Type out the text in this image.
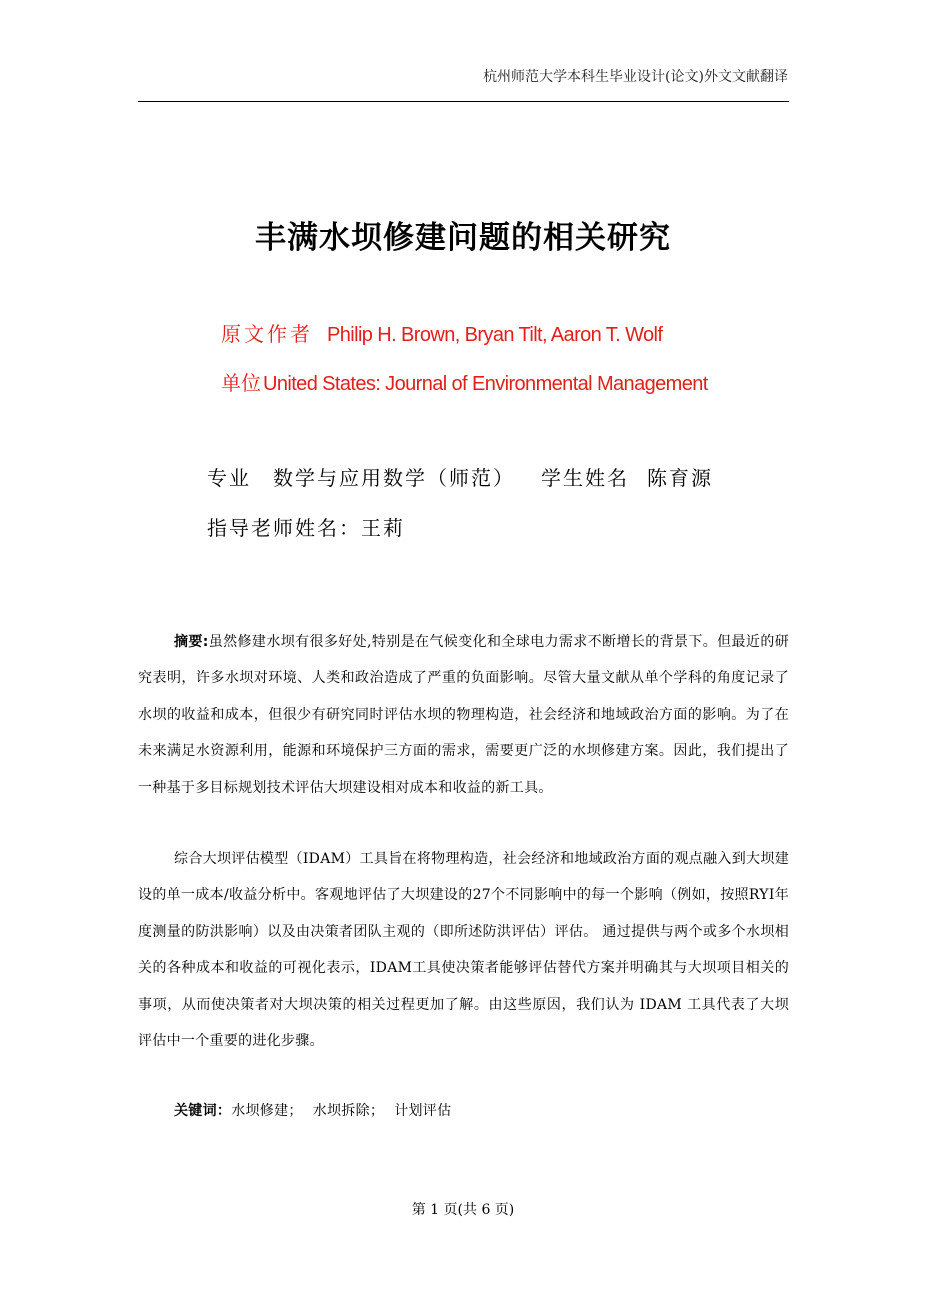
杭州师范大学本科生毕业设计(论文)外文文献翻译
丰满水坝修建问题的相关研究
原文作者 Philip H. Brown, Bryan Tilt, Aaron T. Wolf
单位 United States: Journal of Environmental Management
专业 数学与应用数学（师范） 学生姓名 陈育源
指导老师姓名：王莉
摘要:虽然修建水坝有很多好处,特别是在气候变化和全球电力需求不断增长的背景下。但最近的研究表明，许多水坝对环境、人类和政治造成了严重的负面影响。尽管大量文献从单个学科的角度记录了水坝的收益和成本，但很少有研究同时评估水坝的物理构造，社会经济和地域政治方面的影响。为了在未来满足水资源利用，能源和环境保护三方面的需求，需要更广泛的水坝修建方案。因此，我们提出了一种基于多目标规划技术评估大坝建设相对成本和收益的新工具。
综合大坝评估模型（IDAM）工具旨在将物理构造，社会经济和地域政治方面的观点融入到大坝建设的单一成本/收益分析中。客观地评估了大坝建设的27个不同影响中的每一个影响（例如，按照RYI年度测量的防洪影响）以及由决策者团队主观的（即所述防洪评估）评估。 通过提供与两个或多个水坝相关的各种成本和收益的可视化表示，IDAM工具使决策者能够评估替代方案并明确其与大坝项目相关的事项，从而使决策者对大坝决策的相关过程更加了解。由这些原因，我们认为 IDAM 工具代表了大坝评估中一个重要的进化步骤。
关键词：水坝修建； 水坝拆除； 计划评估
第 1 页(共 6 页)
